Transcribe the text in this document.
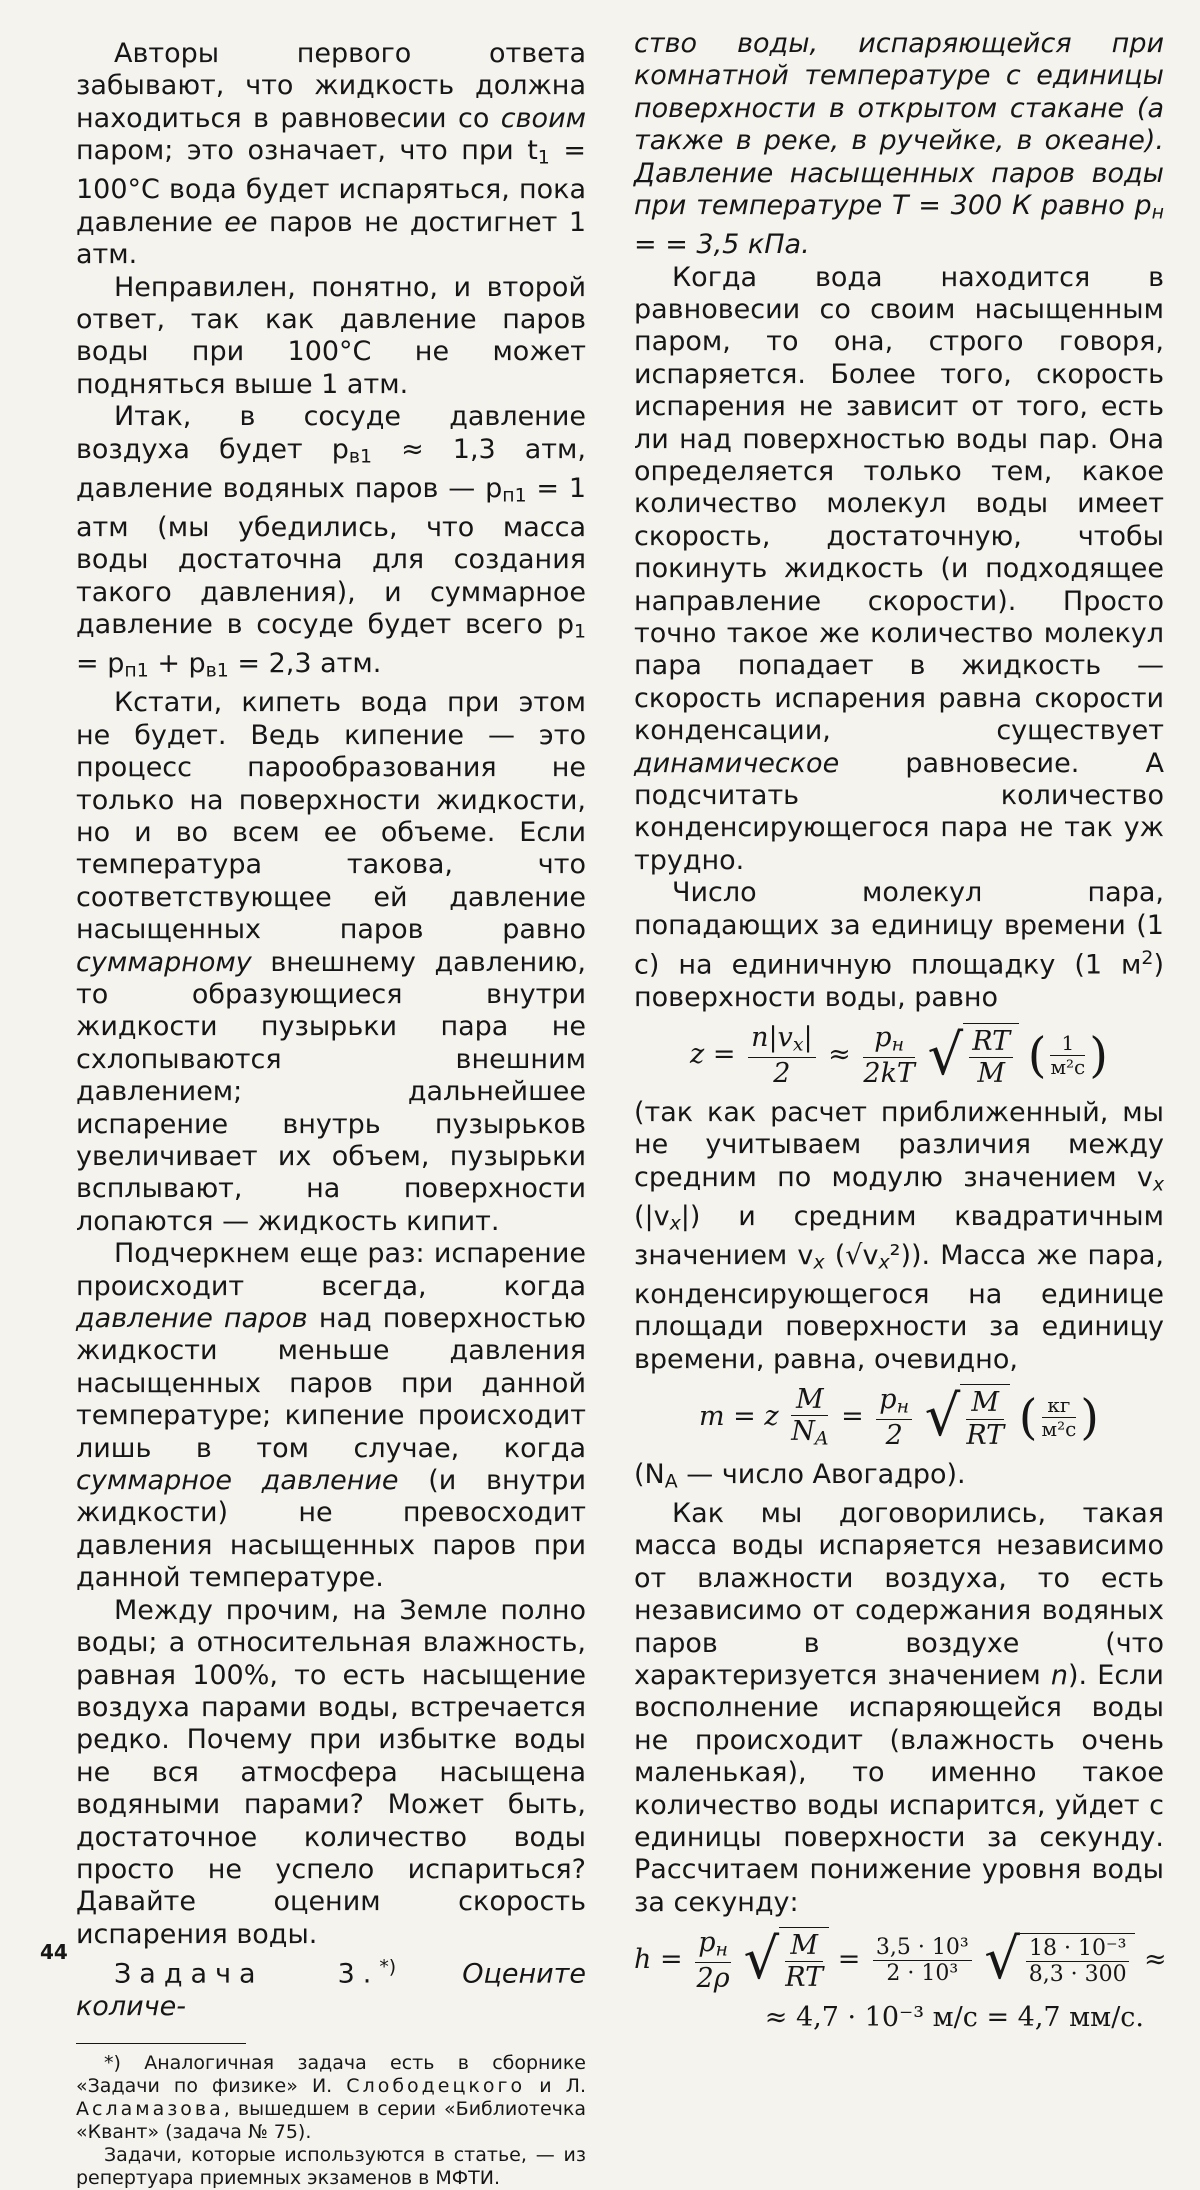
Авторы первого ответа забывают, что жидкость должна находиться в равновесии со своим паром; это означает, что при $t_1 = 100^\circ С$ вода будет испаряться, пока давление ее паров не достигнет 1 атм.

Неправилен, понятно, и второй ответ, так как давление паров воды при 100°С не может подняться выше 1 атм.

Итак, в сосуде давление воздуха будет $p_{в1} \approx 1,3$ атм, давление водяных паров — $p_{п1} = 1$ атм (мы убедились, что масса воды достаточна для создания такого давления), и суммарное давление в сосуде будет всего $p_1 = p_{п1} + p_{в1} = 2,3$ атм.

Кстати, кипеть вода при этом не будет. Ведь кипение — это процесс парообразования не только на поверхности жидкости, но и во всем ее объеме. Если температура такова, что соответствующее ей давление насыщенных паров равно суммарному внешнему давлению, то образующиеся внутри жидкости пузырьки пара не схлопываются внешним давлением; дальнейшее испарение внутрь пузырьков увеличивает их объем, пузырьки всплывают, на поверхности лопаются — жидкость кипит.

Подчеркнем еще раз: испарение происходит всегда, когда давление паров над поверхностью жидкости меньше давления насыщенных паров при данной температуре; кипение происходит лишь в том случае, когда суммарное давление (и внутри жидкости) не превосходит давления насыщенных паров при данной температуре.

Между прочим, на Земле полно воды; а относительная влажность, равная 100%, то есть насыщение воздуха парами воды, встречается редко. Почему при избытке воды не вся атмосфера насыщена водяными парами? Может быть, достаточное количество воды просто не успело испариться? Давайте оценим скорость испарения воды.

Задача 3.*) Оцените количе-

*) Аналогичная задача есть в сборнике «Задачи по физике» И. Слободецкого и Л. Асламазова, вышедшем в серии «Библиотечка «Квант» (задача № 75).

Задачи, которые используются в статье, — из репертуара приемных экзаменов в МФТИ.

ство воды, испаряющейся при комнатной температуре с единицы поверхности в открытом стакане (а также в реке, в ручейке, в океане). Давление насыщенных паров воды при температуре T = 300 К равно $p_н$ = = 3,5 кПа.

Когда вода находится в равновесии со своим насыщенным паром, то она, строго говоря, испаряется. Более того, скорость испарения не зависит от того, есть ли над поверхностью воды пар. Она определяется только тем, какое количество молекул воды имеет скорость, достаточную, чтобы покинуть жидкость (и подходящее направление скорости). Просто точно такое же количество молекул пара попадает в жидкость — скорость испарения равна скорости конденсации, существует динамическое равновесие. А подсчитать количество конденсирующегося пара не так уж трудно.

Число молекул пара, попадающих за единицу времени (1 с) на единичную площадку (1 $м^2$) поверхности воды, равно

$z = \frac{n|v_x|}{2} \approx \frac{p_н}{2kT}$ √ $\frac{RT}{M}$ ( $\frac{1}{\text{м²с}}$ )

(так как расчет приближенный, мы не учитываем различия между средним по модулю значением $v_x$ $(|v_x|)$ и средним квадратичным значением $v_x$ $(√v_x^2)$). Масса же пара, конденсирующегося на единице площади поверхности за единицу времени, равна, очевидно,

m = z $\frac{M}{N_A} = \frac{p_н}{2}$ √ $\frac{M}{RT}$ ( $\frac{кг}{\text{м²с}}$ )

($N_A$ — число Авогадро).

Как мы договорились, такая масса воды испаряется независимо от влажности воздуха, то есть независимо от содержания водяных паров в воздухе (что характеризуется значением n). Если восполнение испаряющейся воды не происходит (влажность очень маленькая), то именно такое количество воды испарится, уйдет с единицы поверхности за секунду. Рассчитаем понижение уровня воды за секунду:

$h = \frac{p_н}{2\rho}$ √ $\frac{M}{RT} = \frac{\text{3,5 · 10³}}{\text{2 · 10³}}$ √ $\frac{\text{18 · 10⁻³}}{8,3 \cdot 300}$ ≈
≈ 4,7 · 10⁻³ м/с = 4,7 мм/с.
44
